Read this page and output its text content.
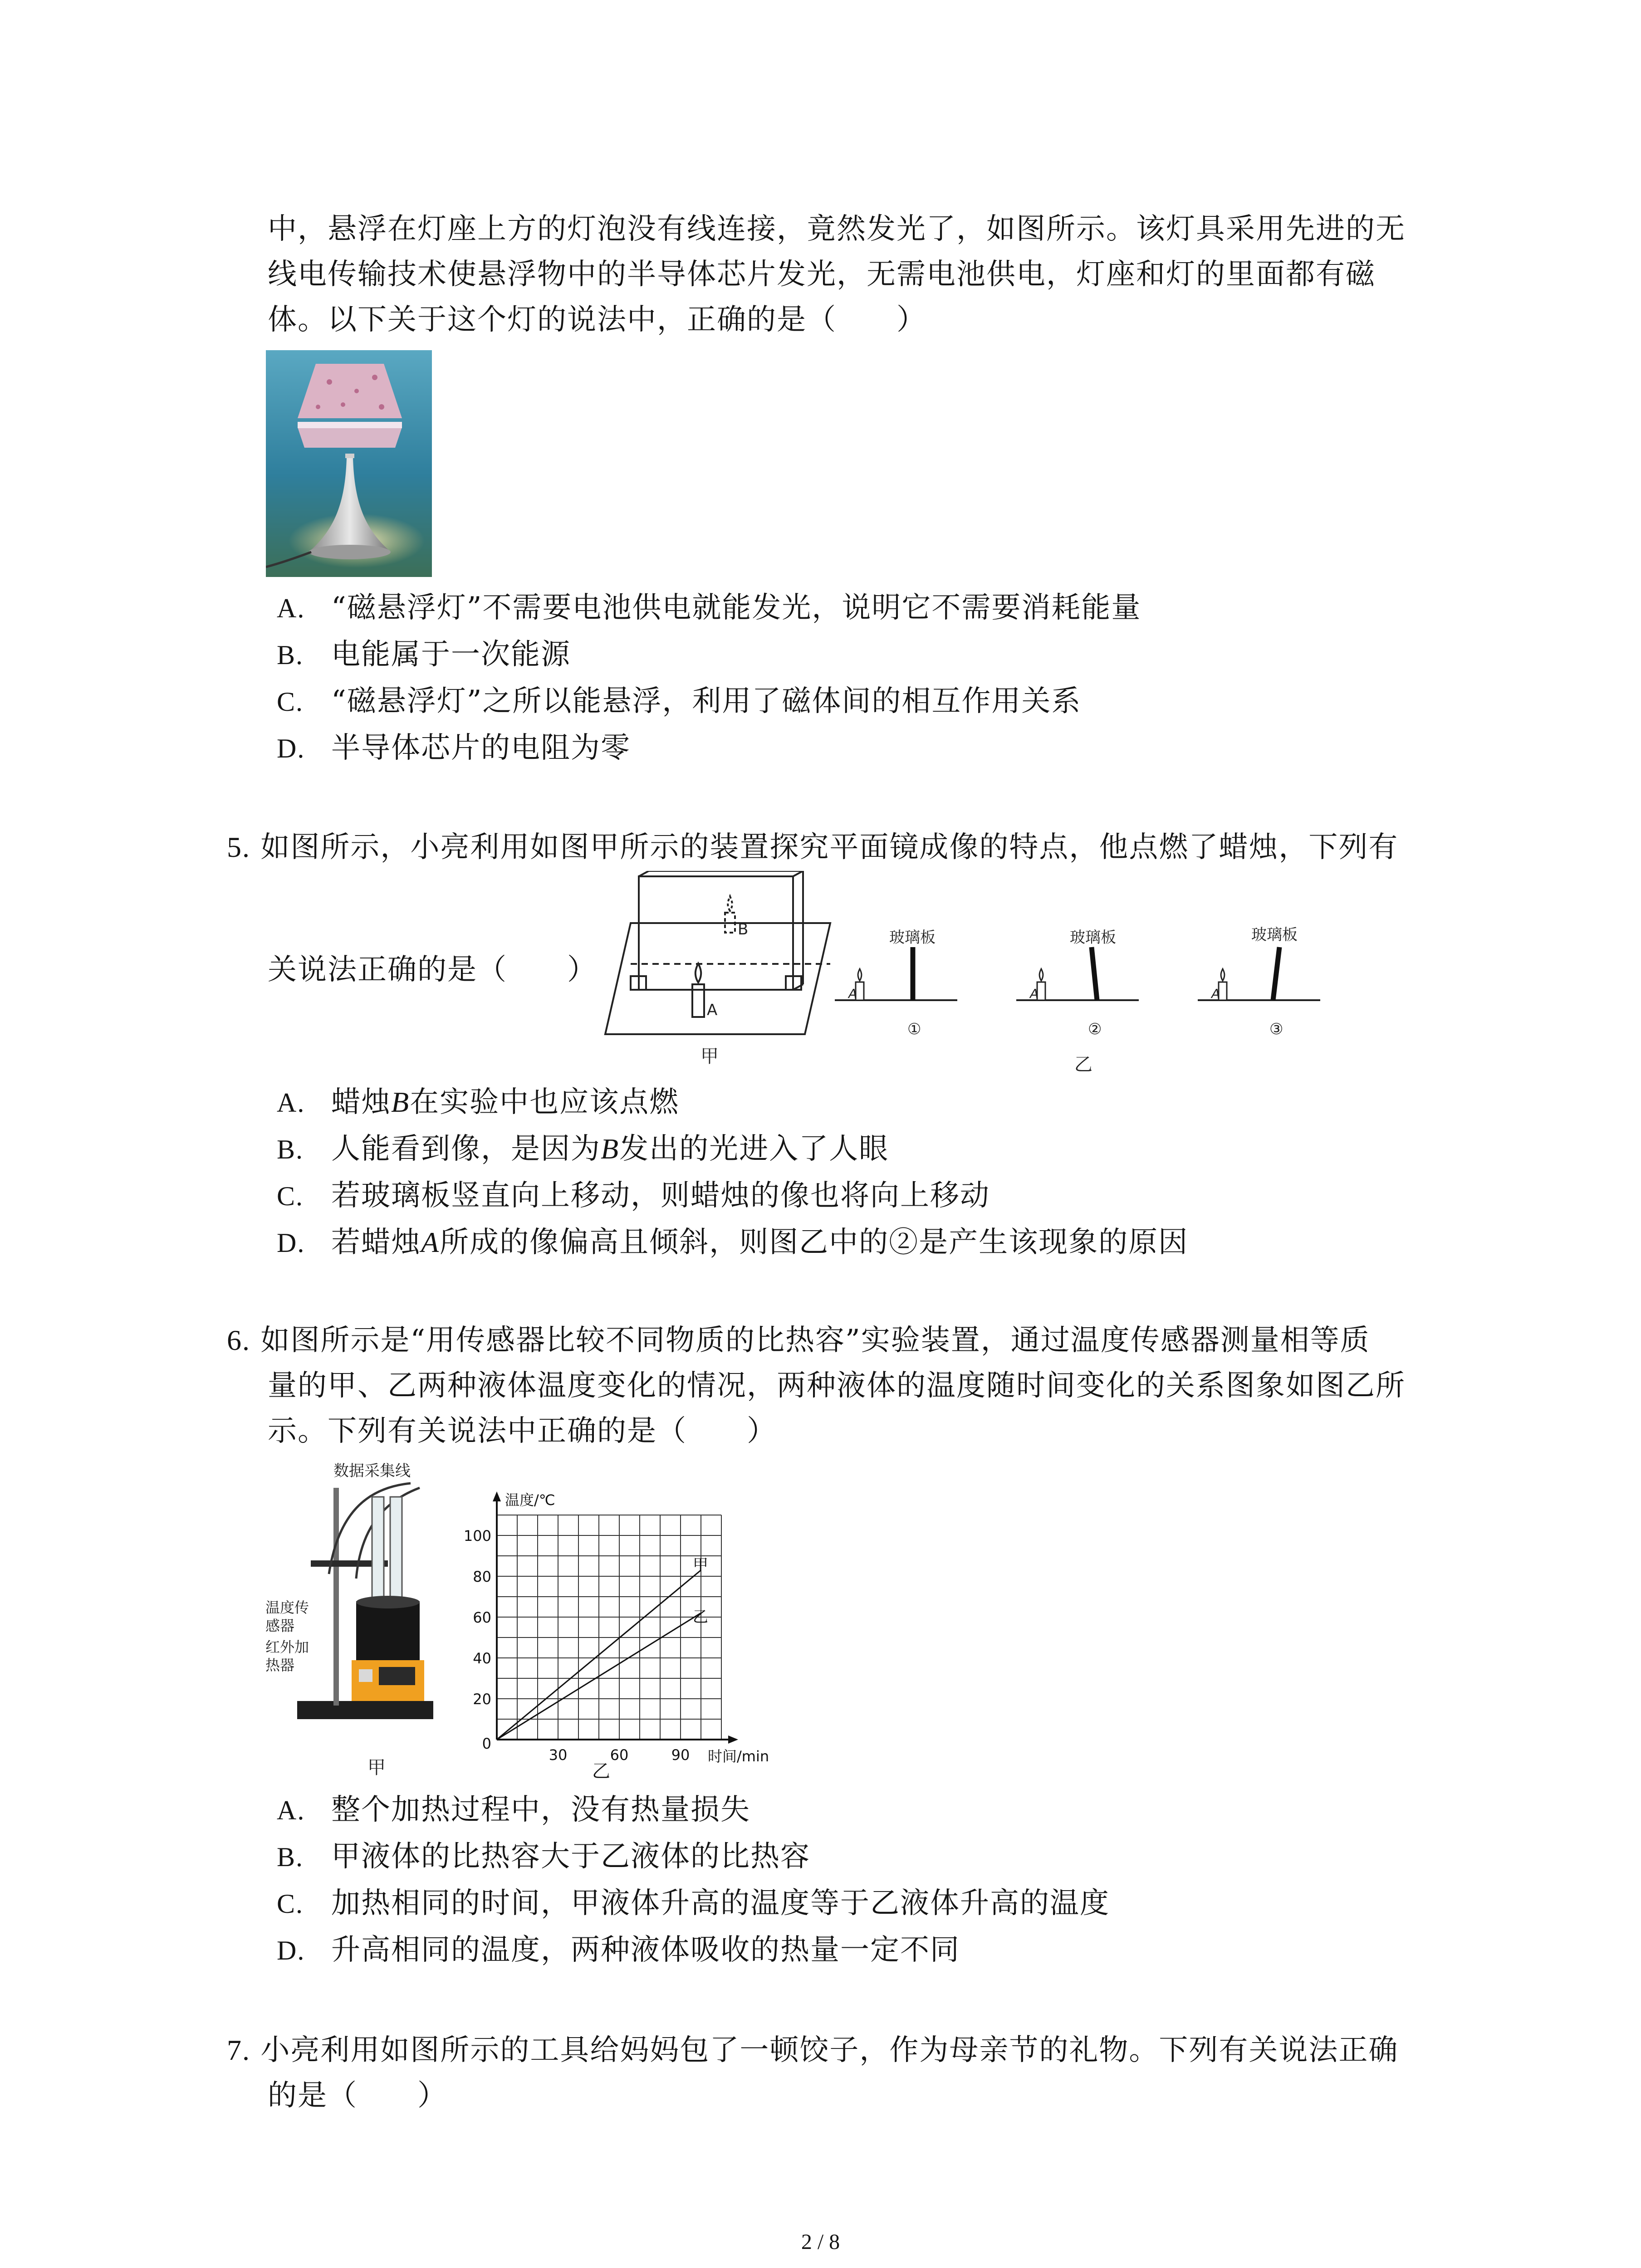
中，悬浮在灯座上方的灯泡没有线连接，竟然发光了，如图所示。该灯具采用先进的无
线电传输技术使悬浮物中的半导体芯片发光，无需电池供电，灯座和灯的里面都有磁
体。以下关于这个灯的说法中，正确的是（　　）
A. “磁悬浮灯”不需要电池供电就能发光，说明它不需要消耗能量
B. 电能属于一次能源
C. “磁悬浮灯”之所以能悬浮，利用了磁体间的相互作用关系
D. 半导体芯片的电阻为零
5. 如图所示，小亮利用如图甲所示的装置探究平面镜成像的特点，他点燃了蜡烛，下列有
关说法正确的是（　　）
B
A
甲
A	A	A
玻璃板	玻璃板	玻璃板
①	②	③
乙
A. 蜡烛B在实验中也应该点燃
B. 人能看到像，是因为B发出的光进入了人眼
C. 若玻璃板竖直向上移动，则蜡烛的像也将向上移动
D. 若蜡烛A所成的像偏高且倾斜，则图乙中的②是产生该现象的原因
6. 如图所示是“用传感器比较不同物质的比热容”实验装置，通过温度传感器测量相等质
量的甲、乙两种液体温度变化的情况，两种液体的温度随时间变化的关系图象如图乙所
示。下列有关说法中正确的是（　　）
数据采集线
温度传
感器
红外加
热器
甲
甲
乙
100
80
60
40
20
30	60	90
0
温度/℃
时间/min
乙
A. 整个加热过程中，没有热量损失
B. 甲液体的比热容大于乙液体的比热容
C. 加热相同的时间，甲液体升高的温度等于乙液体升高的温度
D. 升高相同的温度，两种液体吸收的热量一定不同
7. 小亮利用如图所示的工具给妈妈包了一顿饺子，作为母亲节的礼物。下列有关说法正确
的是（　　）
2 / 8
